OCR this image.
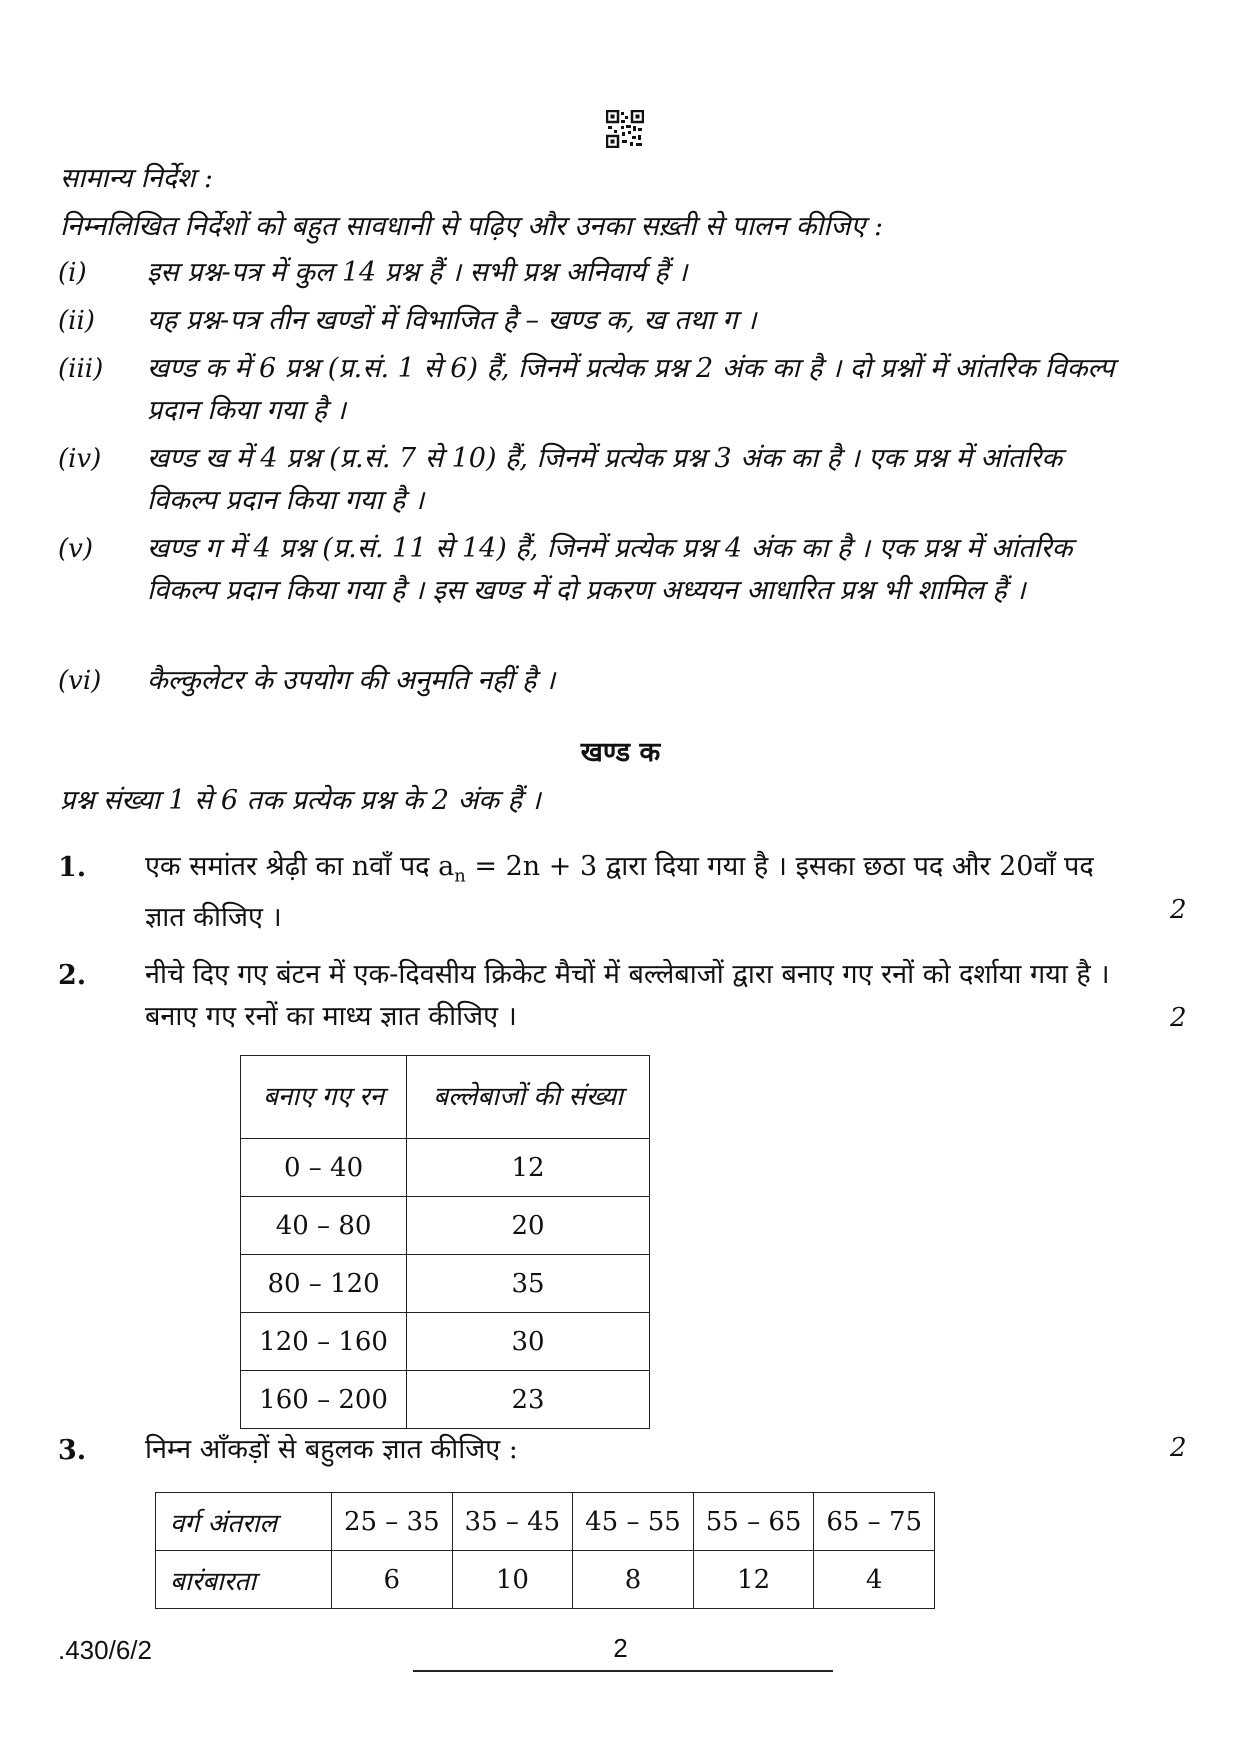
सामान्य निर्देश :
निम्नलिखित निर्देशों को बहुत सावधानी से पढ़िए और उनका सख़्ती से पालन कीजिए :
(i)	इस प्रश्न-पत्र में कुल 14 प्रश्न हैं । सभी प्रश्न अनिवार्य हैं ।
(ii)	यह प्रश्न-पत्र तीन खण्डों में विभाजित है – खण्ड क, ख तथा ग ।
(iii)	खण्ड क में 6 प्रश्न (प्र.सं. 1 से 6) हैं, जिनमें प्रत्येक प्रश्न 2 अंक का है । दो प्रश्नों में आंतरिक विकल्प प्रदान किया गया है ।
(iv)	खण्ड ख में 4 प्रश्न (प्र.सं. 7 से 10) हैं, जिनमें प्रत्येक प्रश्न 3 अंक का है । एक प्रश्न में आंतरिक विकल्प प्रदान किया गया है ।
(v)	खण्ड ग में 4 प्रश्न (प्र.सं. 11 से 14) हैं, जिनमें प्रत्येक प्रश्न 4 अंक का है । एक प्रश्न में आंतरिक विकल्प प्रदान किया गया है । इस खण्ड में दो प्रकरण अध्ययन आधारित प्रश्न भी शामिल हैं ।
(vi)	कैल्कुलेटर के उपयोग की अनुमति नहीं है ।
खण्ड क
प्रश्न संख्या 1 से 6 तक प्रत्येक प्रश्न के 2 अंक हैं ।
1. एक समांतर श्रेढ़ी का nवाँ पद $a_n = 2n + 3$ द्वारा दिया गया है । इसका छठा पद और 20वाँ पद ज्ञात कीजिए ।	2
2. नीचे दिए गए बंटन में एक-दिवसीय क्रिकेट मैचों में बल्लेबाजों द्वारा बनाए गए रनों को दर्शाया गया है । बनाए गए रनों का माध्य ज्ञात कीजिए ।	2
बनाए गए रन	बल्लेबाजों की संख्या
0 – 40	12
40 – 80	20
80 – 120	35
120 – 160	30
160 – 200	23
3. निम्न आँकड़ों से बहुलक ज्ञात कीजिए :	2
वर्ग अंतराल	25 – 35	35 – 45	45 – 55	55 – 65	65 – 75
बारंबारता	6	10	8	12	4
.430/6/2	2
